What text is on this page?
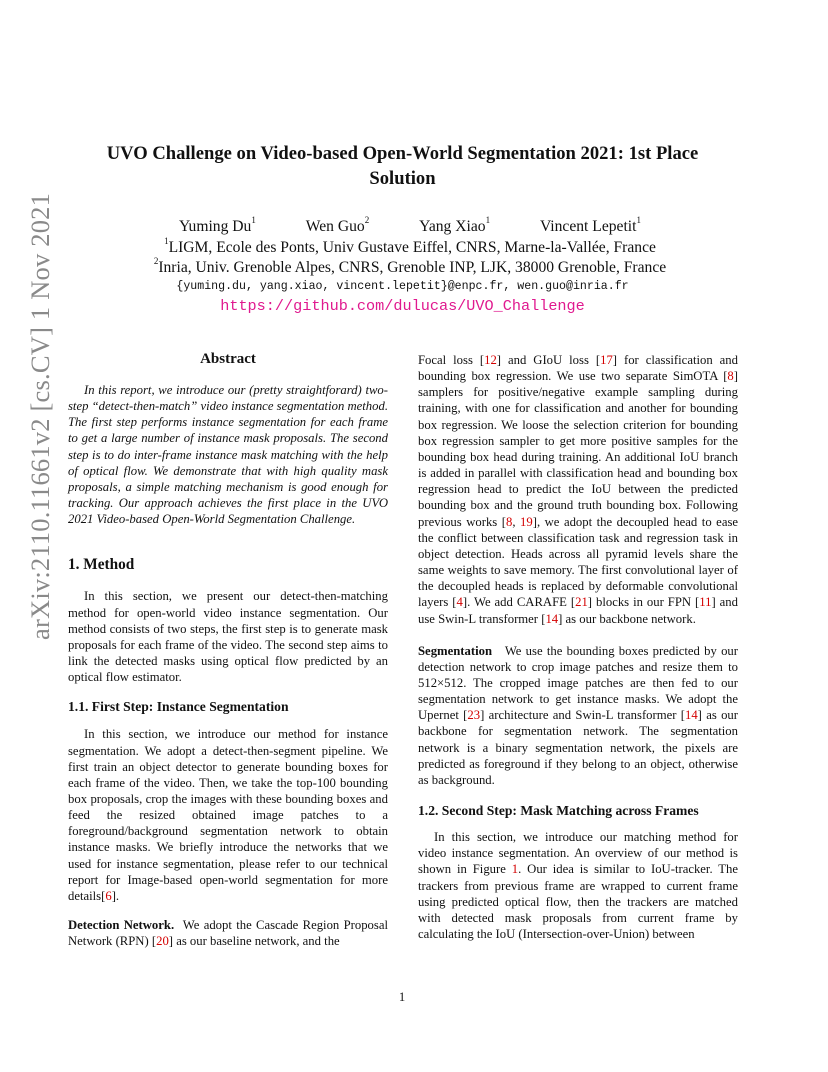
arXiv:2110.11661v2 [cs.CV] 1 Nov 2021
UVO Challenge on Video-based Open-World Segmentation 2021: 1st Place
Solution
Yuming Du$^1$	Wen Guo$^2$	Yang Xiao$^1$	Vincent Lepetit$^1$
$^1$LIGM, Ecole des Ponts, Univ Gustave Eiffel, CNRS, Marne-la-Vallée, France
$^2$Inria, Univ. Grenoble Alpes, CNRS, Grenoble INP, LJK, 38000 Grenoble, France
{yuming.du, yang.xiao, vincent.lepetit}@enpc.fr, wen.guo@inria.fr
https://github.com/dulucas/UVO_Challenge
Abstract

In this report, we introduce our (pretty straightforard) two-step “detect-then-match” video instance segmentation method. The first step performs instance segmentation for each frame to get a large number of instance mask proposals. The second step is to do inter-frame instance mask matching with the help of optical flow. We demonstrate that with high quality mask proposals, a simple matching mechanism is good enough for tracking. Our approach achieves the first place in the UVO 2021 Video-based Open-World Segmentation Challenge.

1. Method

In this section, we present our detect-then-matching method for open-world video instance segmentation. Our method consists of two steps, the first step is to generate mask proposals for each frame of the video. The second step aims to link the detected masks using optical flow predicted by an optical flow estimator.

1.1. First Step: Instance Segmentation

In this section, we introduce our method for instance segmentation. We adopt a detect-then-segment pipeline. We first train an object detector to generate bounding boxes for each frame of the video. Then, we take the top-100 bounding box proposals, crop the images with these bounding boxes and feed the resized obtained image patches to a foreground/background segmentation network to obtain instance masks. We briefly introduce the networks that we used for instance segmentation, please refer to our technical report for Image-based open-world segmentation for more details[6].

Detection Network. We adopt the Cascade Region Proposal Network (RPN) [20] as our baseline network, and the

Focal loss [12] and GIoU loss [17] for classification and bounding box regression. We use two separate SimOTA [8] samplers for positive/negative example sampling during training, with one for classification and another for bounding box regression. We loose the selection criterion for bounding box regression sampler to get more positive samples for the bounding box head during training. An additional IoU branch is added in parallel with classification head and bounding box regression head to predict the IoU between the predicted bounding box and the ground truth bounding box. Following previous works [8, 19], we adopt the decoupled head to ease the conflict between classification task and regression task in object detection. Heads across all pyramid levels share the same weights to save memory. The first convolutional layer of the decoupled heads is replaced by deformable convolutional layers [4]. We add CARAFE [21] blocks in our FPN [11] and use Swin-L transformer [14] as our backbone network.

Segmentation We use the bounding boxes predicted by our detection network to crop image patches and resize them to 512×512. The cropped image patches are then fed to our segmentation network to get instance masks. We adopt the Upernet [23] architecture and Swin-L transformer [14] as our backbone for segmentation network. The segmentation network is a binary segmentation network, the pixels are predicted as foreground if they belong to an object, otherwise as background.

1.2. Second Step: Mask Matching across Frames

In this section, we introduce our matching method for video instance segmentation. An overview of our method is shown in Figure 1. Our idea is similar to IoU-tracker. The trackers from previous frame are wrapped to current frame using predicted optical flow, then the trackers are matched with detected mask proposals from current frame by calculating the IoU (Intersection-over-Union) between

1
